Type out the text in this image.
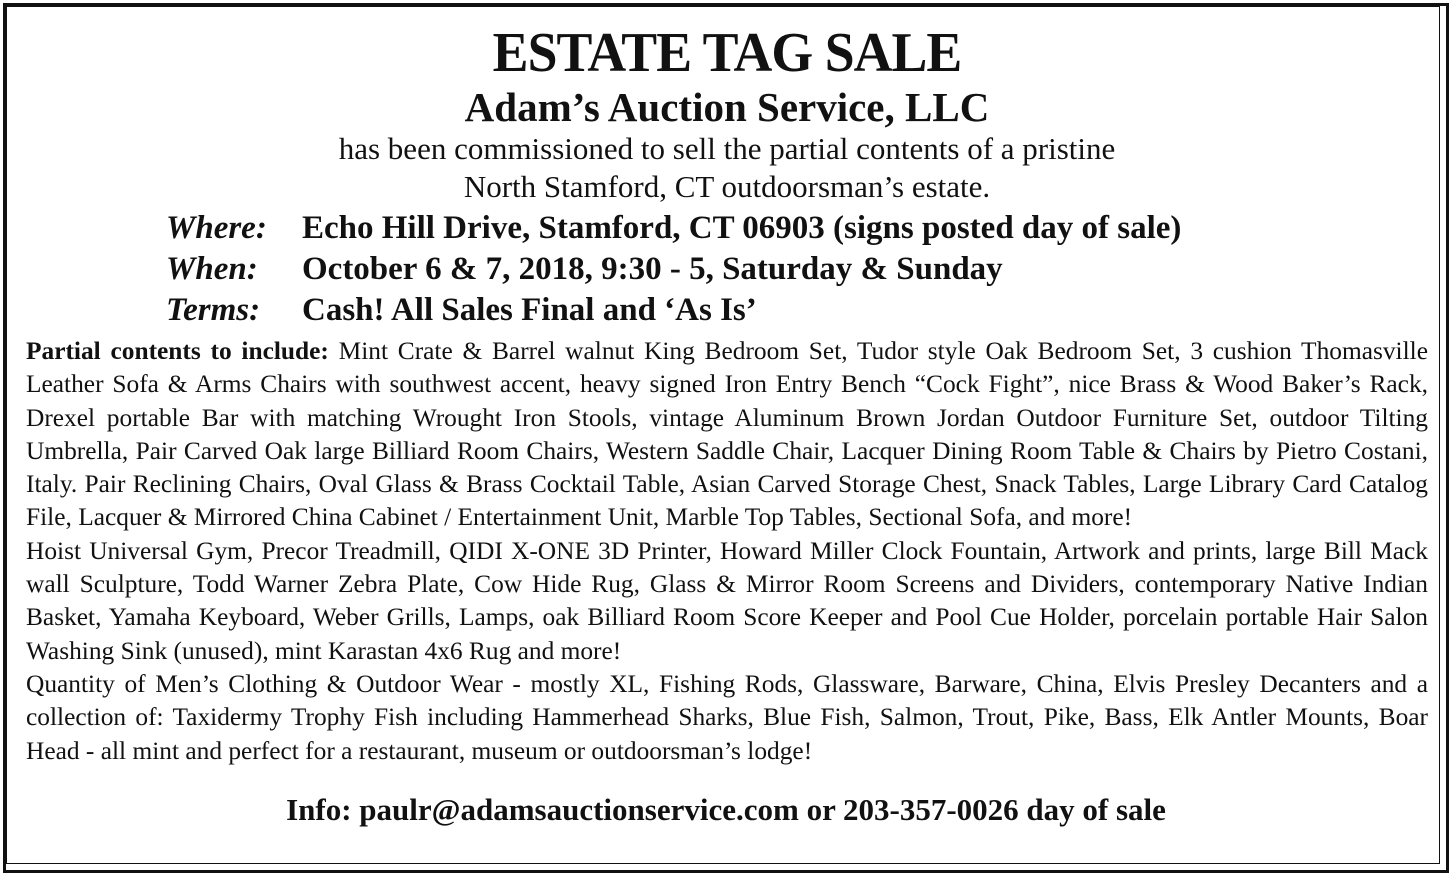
ESTATE TAG SALE
Adam’s Auction Service, LLC

has been commissioned to sell the partial contents of a pristine

North Stamford, CT outdoorsman’s estate.

Where:	Echo Hill Drive, Stamford, CT 06903 (signs posted day of sale)
When:	October 6 & 7, 2018, 9:30 - 5, Saturday & Sunday
Terms:	Cash! All Sales Final and ‘As Is’

Partial contents to include: Mint Crate & Barrel walnut King Bedroom Set, Tudor style Oak Bedroom Set, 3 cushion Thomasville Leather Sofa & Arms Chairs with southwest accent, heavy signed Iron Entry Bench “Cock Fight”, nice Brass & Wood Baker’s Rack, Drexel portable Bar with matching Wrought Iron Stools, vintage Aluminum Brown Jordan Outdoor Furniture Set, outdoor Tilting Umbrella, Pair Carved Oak large Billiard Room Chairs, Western Saddle Chair, Lacquer Dining Room Table & Chairs by Pietro Costani, Italy. Pair Reclining Chairs, Oval Glass & Brass Cocktail Table, Asian Carved Storage Chest, Snack Tables, Large Library Card Catalog File, Lacquer & Mirrored China Cabinet / Entertainment Unit, Marble Top Tables, Sectional Sofa, and more!

Hoist Universal Gym, Precor Treadmill, QIDI X-ONE 3D Printer, Howard Miller Clock Fountain, Artwork and prints, large Bill Mack wall Sculpture, Todd Warner Zebra Plate, Cow Hide Rug, Glass & Mirror Room Screens and Dividers, contemporary Native Indian Basket, Yamaha Keyboard, Weber Grills, Lamps, oak Billiard Room Score Keeper and Pool Cue Holder, porcelain portable Hair Salon Washing Sink (unused), mint Karastan 4x6 Rug and more!

Quantity of Men’s Clothing & Outdoor Wear - mostly XL, Fishing Rods, Glassware, Barware, China, Elvis Presley Decanters and a collection of: Taxidermy Trophy Fish including Hammerhead Sharks, Blue Fish, Salmon, Trout, Pike, Bass, Elk Antler Mounts, Boar Head - all mint and perfect for a restaurant, museum or outdoorsman’s lodge!

Info: paulr@adamsauctionservice.com or 203-357-0026 day of sale
